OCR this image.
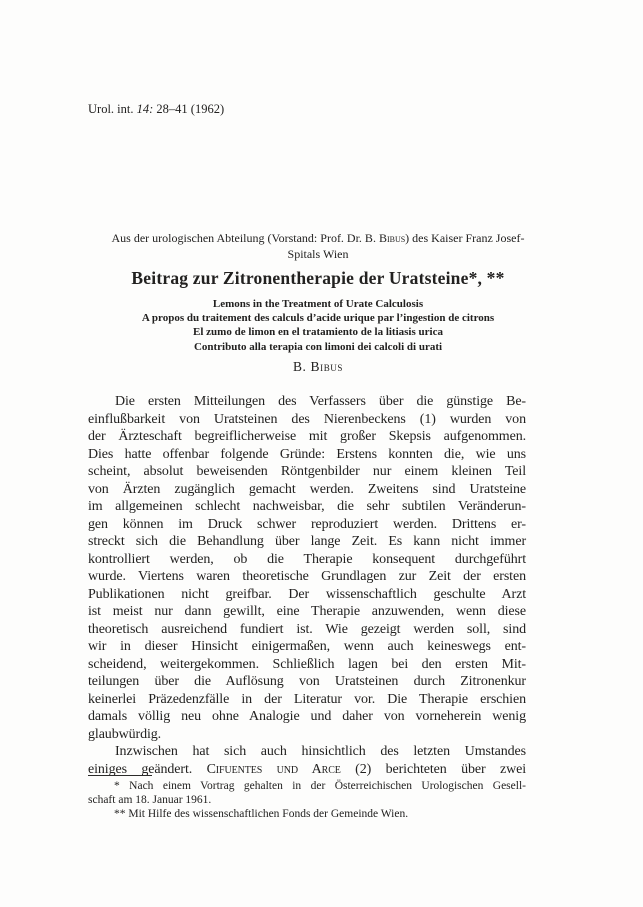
Urol. int. 14: 28–41 (1962)
Aus der urologischen Abteilung (Vorstand: Prof. Dr. B. Bibus) des Kaiser Franz Josef-
Spitals Wien
Beitrag zur Zitronentherapie der Uratsteine*, **
Lemons in the Treatment of Urate Calculosis
A propos du traitement des calculs d’acide urique par l’ingestion de citrons
El zumo de limon en el tratamiento de la litiasis urica
Contributo alla terapia con limoni dei calcoli di urati
B. Bibus
Die ersten Mitteilungen des Verfassers über die günstige Be-
einflußbarkeit von Uratsteinen des Nierenbeckens (1) wurden von
der Ärzteschaft begreiflicherweise mit großer Skepsis aufgenommen.
Dies hatte offenbar folgende Gründe: Erstens konnten die, wie uns
scheint, absolut beweisenden Röntgenbilder nur einem kleinen Teil
von Ärzten zugänglich gemacht werden. Zweitens sind Uratsteine
im allgemeinen schlecht nachweisbar, die sehr subtilen Veränderun-
gen können im Druck schwer reproduziert werden. Drittens er-
streckt sich die Behandlung über lange Zeit. Es kann nicht immer
kontrolliert werden, ob die Therapie konsequent durchgeführt
wurde. Viertens waren theoretische Grundlagen zur Zeit der ersten
Publikationen nicht greifbar. Der wissenschaftlich geschulte Arzt
ist meist nur dann gewillt, eine Therapie anzuwenden, wenn diese
theoretisch ausreichend fundiert ist. Wie gezeigt werden soll, sind
wir in dieser Hinsicht einigermaßen, wenn auch keineswegs ent-
scheidend, weitergekommen. Schließlich lagen bei den ersten Mit-
teilungen über die Auflösung von Uratsteinen durch Zitronenkur
keinerlei Präzedenzfälle in der Literatur vor. Die Therapie erschien
damals völlig neu ohne Analogie und daher von vorneherein wenig
glaubwürdig.
Inzwischen hat sich auch hinsichtlich des letzten Umstandes
einiges geändert. Cifuentes und Arce (2) berichteten über zwei
* Nach einem Vortrag gehalten in der Österreichischen Urologischen Gesell-
schaft am 18. Januar 1961.
** Mit Hilfe des wissenschaftlichen Fonds der Gemeinde Wien.
